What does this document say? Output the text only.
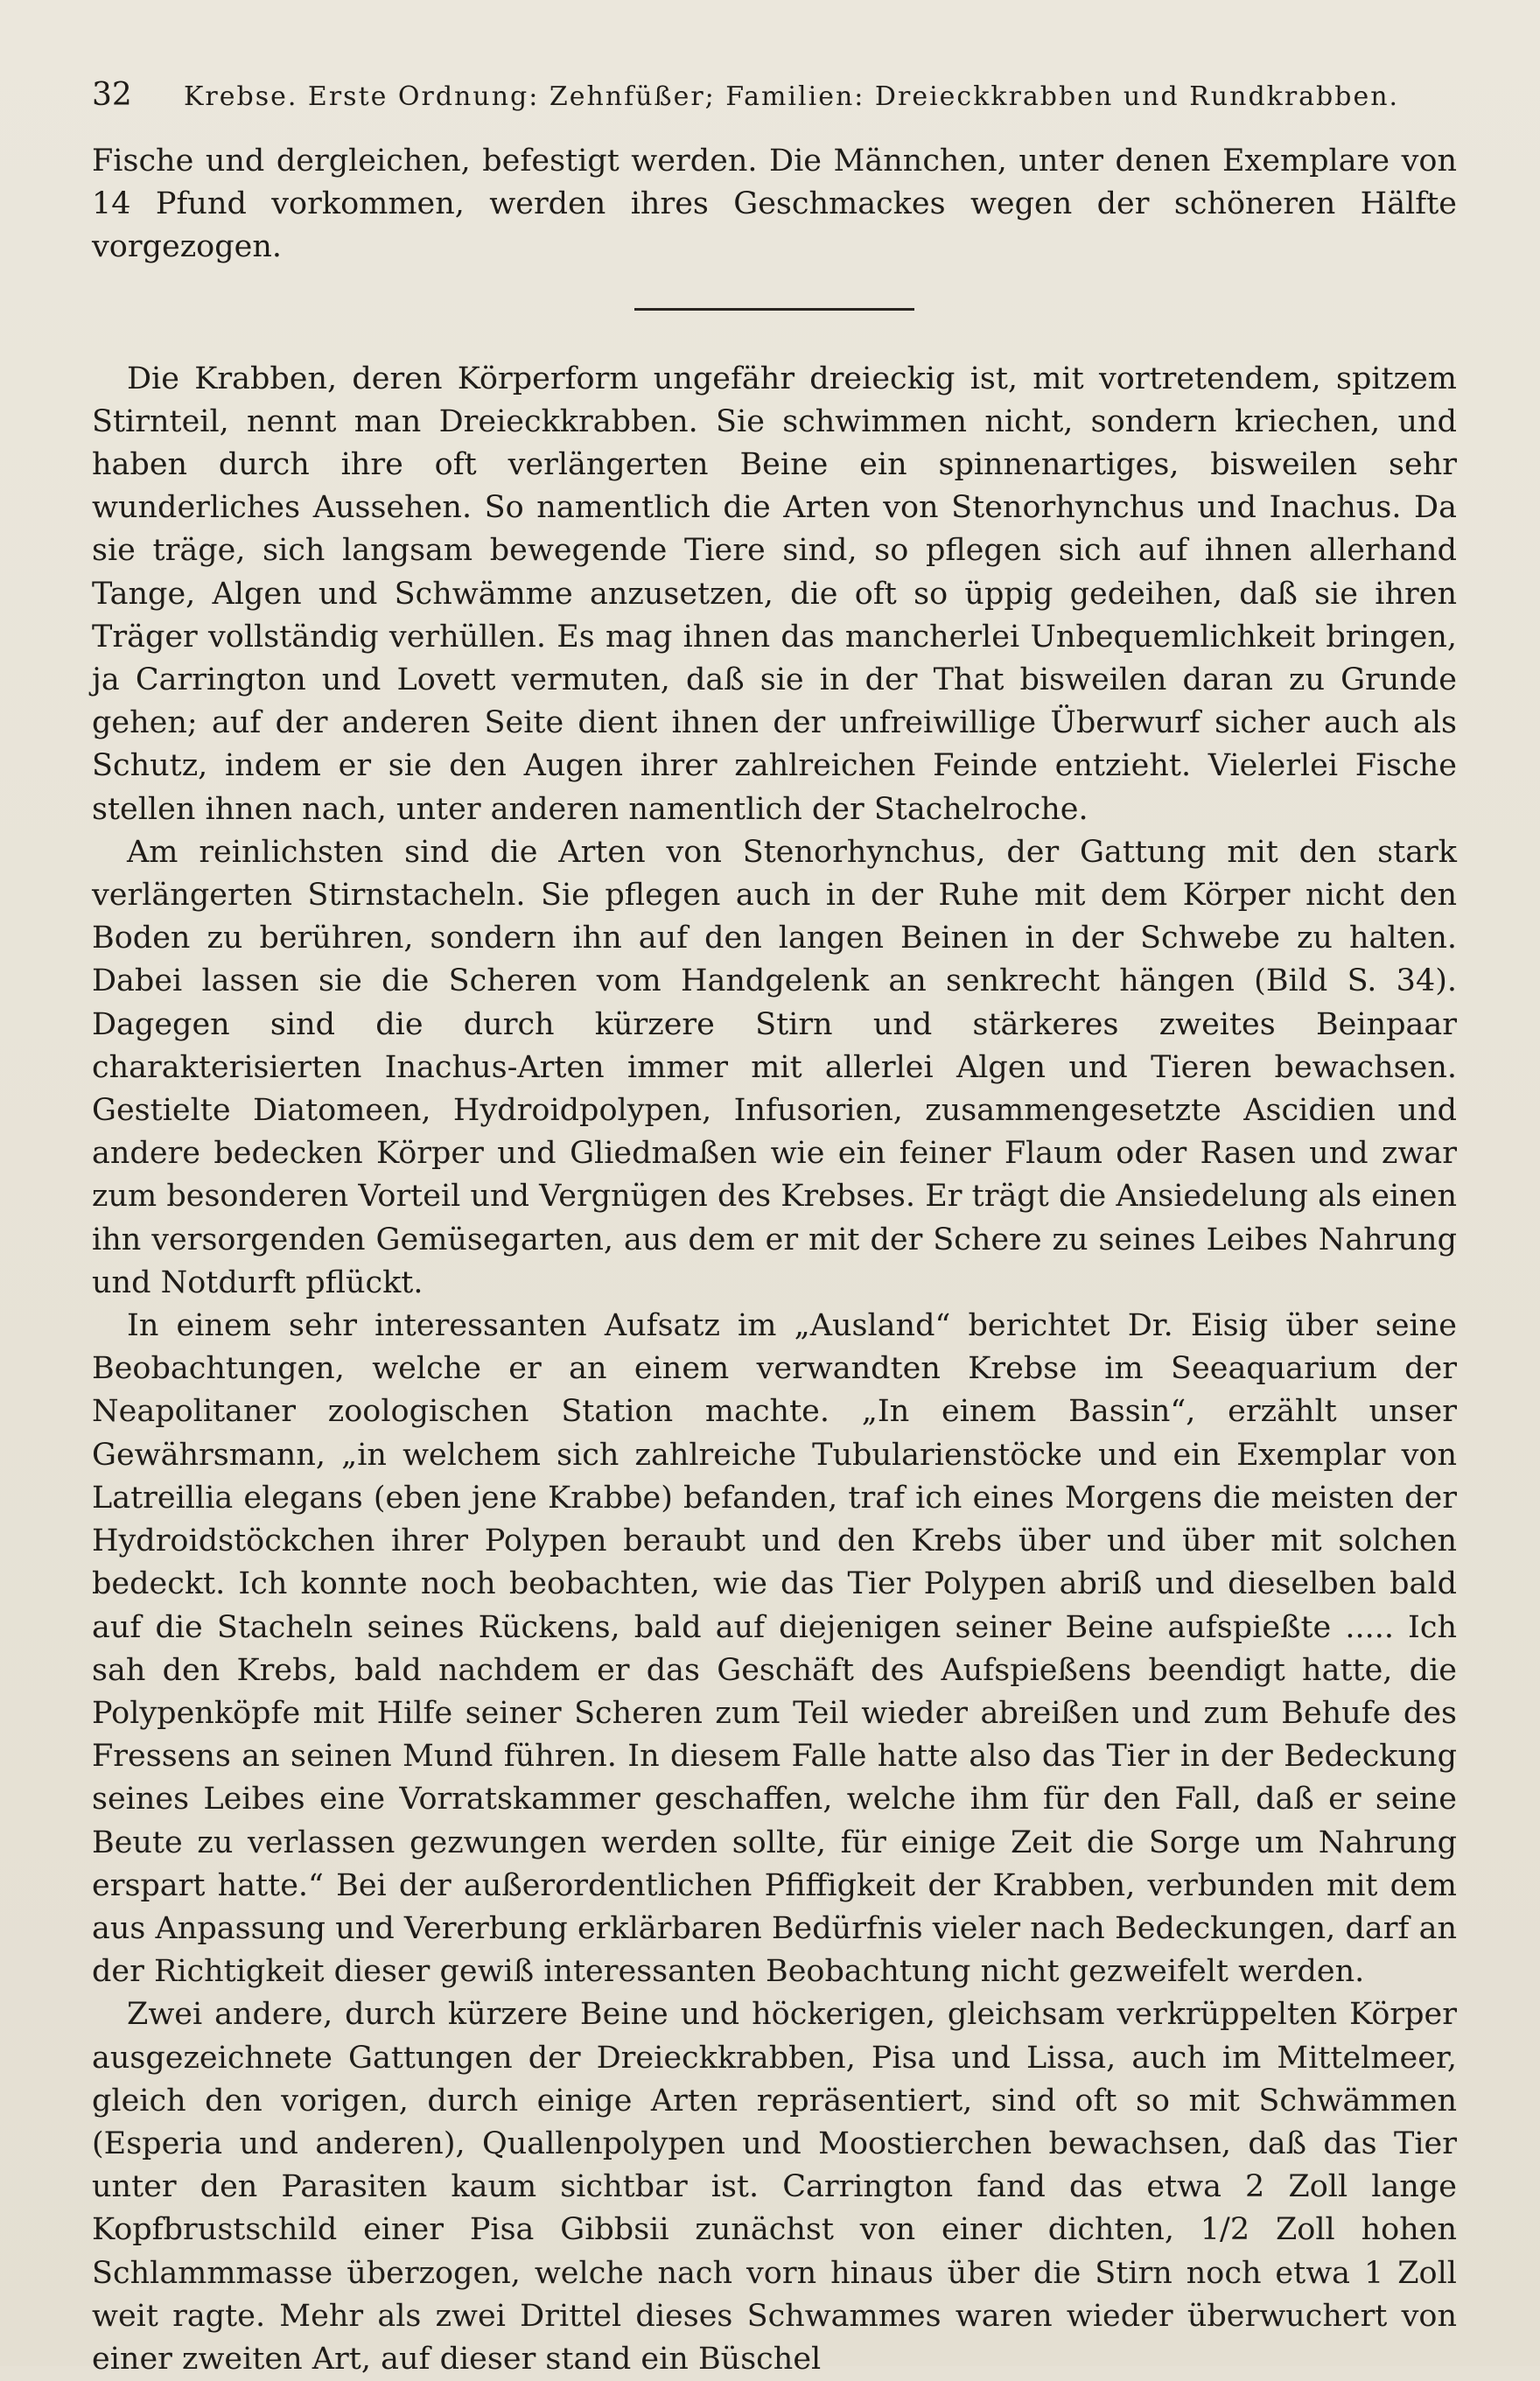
32	Krebse. Erste Ordnung: Zehnfüßer; Familien: Dreieckkrabben und Rundkrabben.

Fische und dergleichen, befestigt werden. Die Männchen, unter denen Exemplare von 14 Pfund vorkommen, werden ihres Geschmackes wegen der schöneren Hälfte vorgezogen.

Die Krabben, deren Körperform ungefähr dreieckig ist, mit vortretendem, spitzem Stirnteil, nennt man Dreieckkrabben. Sie schwimmen nicht, sondern kriechen, und haben durch ihre oft verlängerten Beine ein spinnenartiges, bisweilen sehr wunderliches Aussehen. So namentlich die Arten von Stenorhynchus und Inachus. Da sie träge, sich langsam bewegende Tiere sind, so pflegen sich auf ihnen allerhand Tange, Algen und Schwämme anzusetzen, die oft so üppig gedeihen, daß sie ihren Träger vollständig verhüllen. Es mag ihnen das mancherlei Unbequemlichkeit bringen, ja Carrington und Lovett vermuten, daß sie in der That bisweilen daran zu Grunde gehen; auf der anderen Seite dient ihnen der unfreiwillige Überwurf sicher auch als Schutz, indem er sie den Augen ihrer zahlreichen Feinde entzieht. Vielerlei Fische stellen ihnen nach, unter anderen namentlich der Stachelroche.

Am reinlichsten sind die Arten von Stenorhynchus, der Gattung mit den stark verlängerten Stirnstacheln. Sie pflegen auch in der Ruhe mit dem Körper nicht den Boden zu berühren, sondern ihn auf den langen Beinen in der Schwebe zu halten. Dabei lassen sie die Scheren vom Handgelenk an senkrecht hängen (Bild S. 34). Dagegen sind die durch kürzere Stirn und stärkeres zweites Beinpaar charakterisierten Inachus-Arten immer mit allerlei Algen und Tieren bewachsen. Gestielte Diatomeen, Hydroidpolypen, Infusorien, zusammengesetzte Ascidien und andere bedecken Körper und Gliedmaßen wie ein feiner Flaum oder Rasen und zwar zum besonderen Vorteil und Vergnügen des Krebses. Er trägt die Ansiedelung als einen ihn versorgenden Gemüsegarten, aus dem er mit der Schere zu seines Leibes Nahrung und Notdurft pflückt.

In einem sehr interessanten Aufsatz im „Ausland“ berichtet Dr. Eisig über seine Beobachtungen, welche er an einem verwandten Krebse im Seeaquarium der Neapolitaner zoologischen Station machte. „In einem Bassin“, erzählt unser Gewährsmann, „in welchem sich zahlreiche Tubularienstöcke und ein Exemplar von Latreillia elegans (eben jene Krabbe) befanden, traf ich eines Morgens die meisten der Hydroidstöckchen ihrer Polypen beraubt und den Krebs über und über mit solchen bedeckt. Ich konnte noch beobachten, wie das Tier Polypen abriß und dieselben bald auf die Stacheln seines Rückens, bald auf diejenigen seiner Beine aufspießte ..... Ich sah den Krebs, bald nachdem er das Geschäft des Aufspießens beendigt hatte, die Polypenköpfe mit Hilfe seiner Scheren zum Teil wieder abreißen und zum Behufe des Fressens an seinen Mund führen. In diesem Falle hatte also das Tier in der Bedeckung seines Leibes eine Vorratskammer geschaffen, welche ihm für den Fall, daß er seine Beute zu verlassen gezwungen werden sollte, für einige Zeit die Sorge um Nahrung erspart hatte.“ Bei der außerordentlichen Pfiffigkeit der Krabben, verbunden mit dem aus Anpassung und Vererbung erklärbaren Bedürfnis vieler nach Bedeckungen, darf an der Richtigkeit dieser gewiß interessanten Beobachtung nicht gezweifelt werden.

Zwei andere, durch kürzere Beine und höckerigen, gleichsam verkrüppelten Körper ausgezeichnete Gattungen der Dreieckkrabben, Pisa und Lissa, auch im Mittelmeer, gleich den vorigen, durch einige Arten repräsentiert, sind oft so mit Schwämmen (Esperia und anderen), Quallenpolypen und Moostierchen bewachsen, daß das Tier unter den Parasiten kaum sichtbar ist. Carrington fand das etwa 2 Zoll lange Kopfbrustschild einer Pisa Gibbsii zunächst von einer dichten, 1/2 Zoll hohen Schlammmasse überzogen, welche nach vorn hinaus über die Stirn noch etwa 1 Zoll weit ragte. Mehr als zwei Drittel dieses Schwammes waren wieder überwuchert von einer zweiten Art, auf dieser stand ein Büschel
